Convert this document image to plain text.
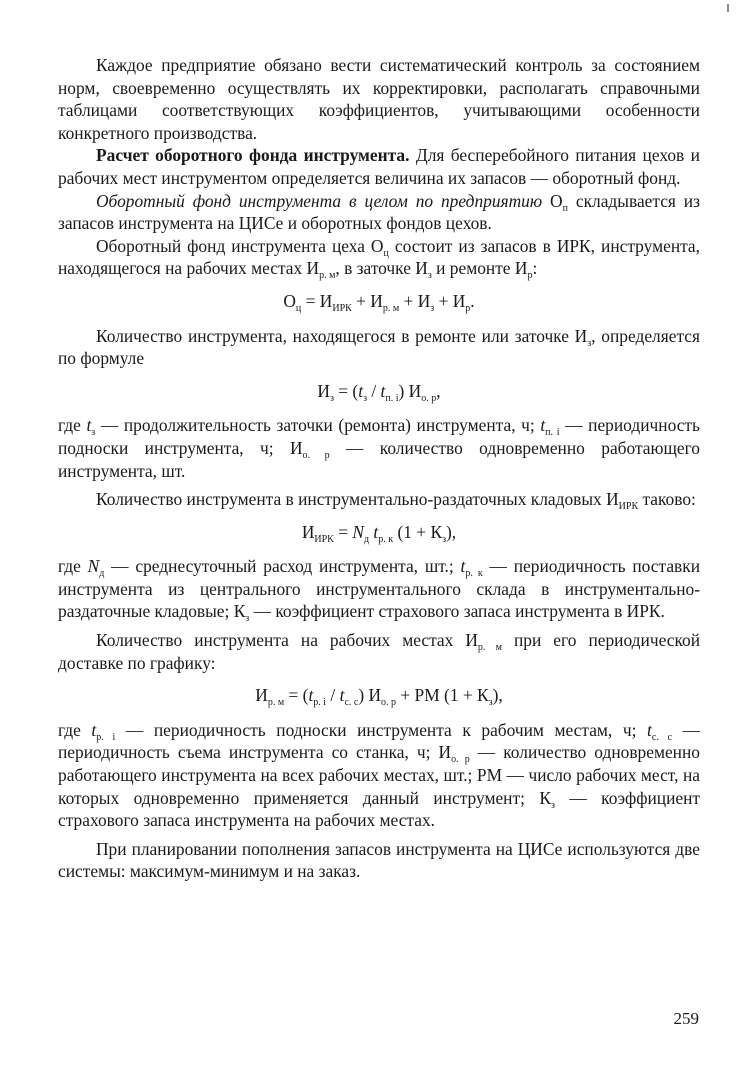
Каждое предприятие обязано вести систематический контроль за состоянием норм, своевременно осуществлять их корректировки, располагать справочными таблицами соответствующих коэффициентов, учитывающими особенности конкретного производства.

Расчет оборотного фонда инструмента. Для бесперебойного питания цехов и рабочих мест инструментом определяется величина их запасов — оборотный фонд.

Оборотный фонд инструмента в целом по предприятию $О_п$ складывается из запасов инструмента на ЦИСе и оборотных фондов цехов.

Оборотный фонд инструмента цеха $О_ц$ состоит из запасов в ИРК, инструмента, находящегося на рабочих местах $И_{р. м}$, в заточке $И_з$ и ремонте $И_р$:

$О_ц = И_{ИРК} + И_{р. м} + И_з + И_р$.

Количество инструмента, находящегося в ремонте или заточке $И_з$, определяется по формуле

$И_з = (t_з / t_{п. i})$ $И_{о. р}$,

где $t_з$ — продолжительность заточки (ремонта) инструмента, ч; $t_{п. i}$ — периодичность подноски инструмента, ч; $И_{о. р}$ — количество одновременно работающего инструмента, шт.

Количество инструмента в инструментально-раздаточных кладовых $И_{ИРК}$ таково:

$И_{ИРК} = N_д$ $t_{р. к}$ $(1 + К_з)$,

где $N_д$ — среднесуточный расход инструмента, шт.; $t_{р. к}$ — периодичность поставки инструмента из центрального инструментального склада в инструментально-раздаточные кладовые; $К_з$ — коэффициент страхового запаса инструмента в ИРК.

Количество инструмента на рабочих местах $И_{р. м}$ при его периодической доставке по графику:

$И_{р. м} = (t_{р. i} / t_{с. с}) И_{о. р}$ + РМ $(1 + К_з)$,

где $t_{р. i}$ — периодичность подноски инструмента к рабочим местам, ч; $t_{с. с}$ — периодичность съема инструмента со станка, ч; $И_{о. р}$ — количество одновременно работающего инструмента на всех рабочих местах, шт.; РМ — число рабочих мест, на которых одновременно применяется данный инструмент; $К_з$ — коэффициент страхового запаса инструмента на рабочих местах.

При планировании пополнения запасов инструмента на ЦИСе используются две системы: максимум-минимум и на заказ.

259
